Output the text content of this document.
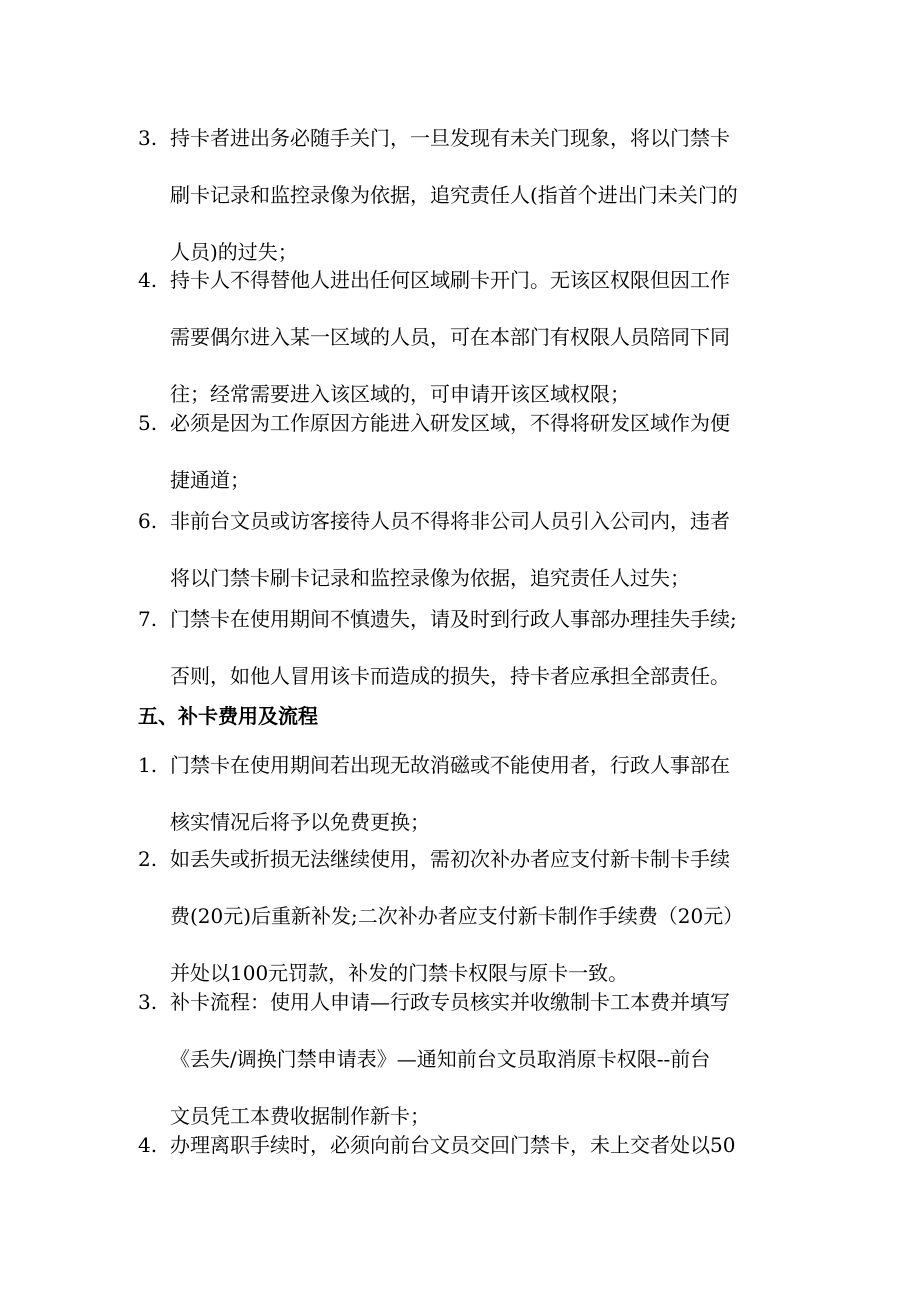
3. 持卡者进出务必随手关门，一旦发现有未关门现象，将以门禁卡
刷卡记录和监控录像为依据，追究责任人(指首个进出门未关门的
人员)的过失；
4. 持卡人不得替他人进出任何区域刷卡开门。无该区权限但因工作
需要偶尔进入某一区域的人员，可在本部门有权限人员陪同下同
往；经常需要进入该区域的，可申请开该区域权限；
5. 必须是因为工作原因方能进入研发区域，不得将研发区域作为便
捷通道；
6. 非前台文员或访客接待人员不得将非公司人员引入公司内，违者
将以门禁卡刷卡记录和监控录像为依据，追究责任人过失；
7. 门禁卡在使用期间不慎遗失，请及时到行政人事部办理挂失手续;
否则，如他人冒用该卡而造成的损失，持卡者应承担全部责任。
五、补卡费用及流程
1. 门禁卡在使用期间若出现无故消磁或不能使用者，行政人事部在
核实情况后将予以免费更换；
2. 如丢失或折损无法继续使用，需初次补办者应支付新卡制卡手续
费(20元)后重新补发;二次补办者应支付新卡制作手续费（20元）
并处以100元罚款，补发的门禁卡权限与原卡一致。
3. 补卡流程：使用人申请—行政专员核实并收缴制卡工本费并填写
《丢失/调换门禁申请表》—通知前台文员取消原卡权限--前台
文员凭工本费收据制作新卡；
4. 办理离职手续时，必须向前台文员交回门禁卡，未上交者处以50
